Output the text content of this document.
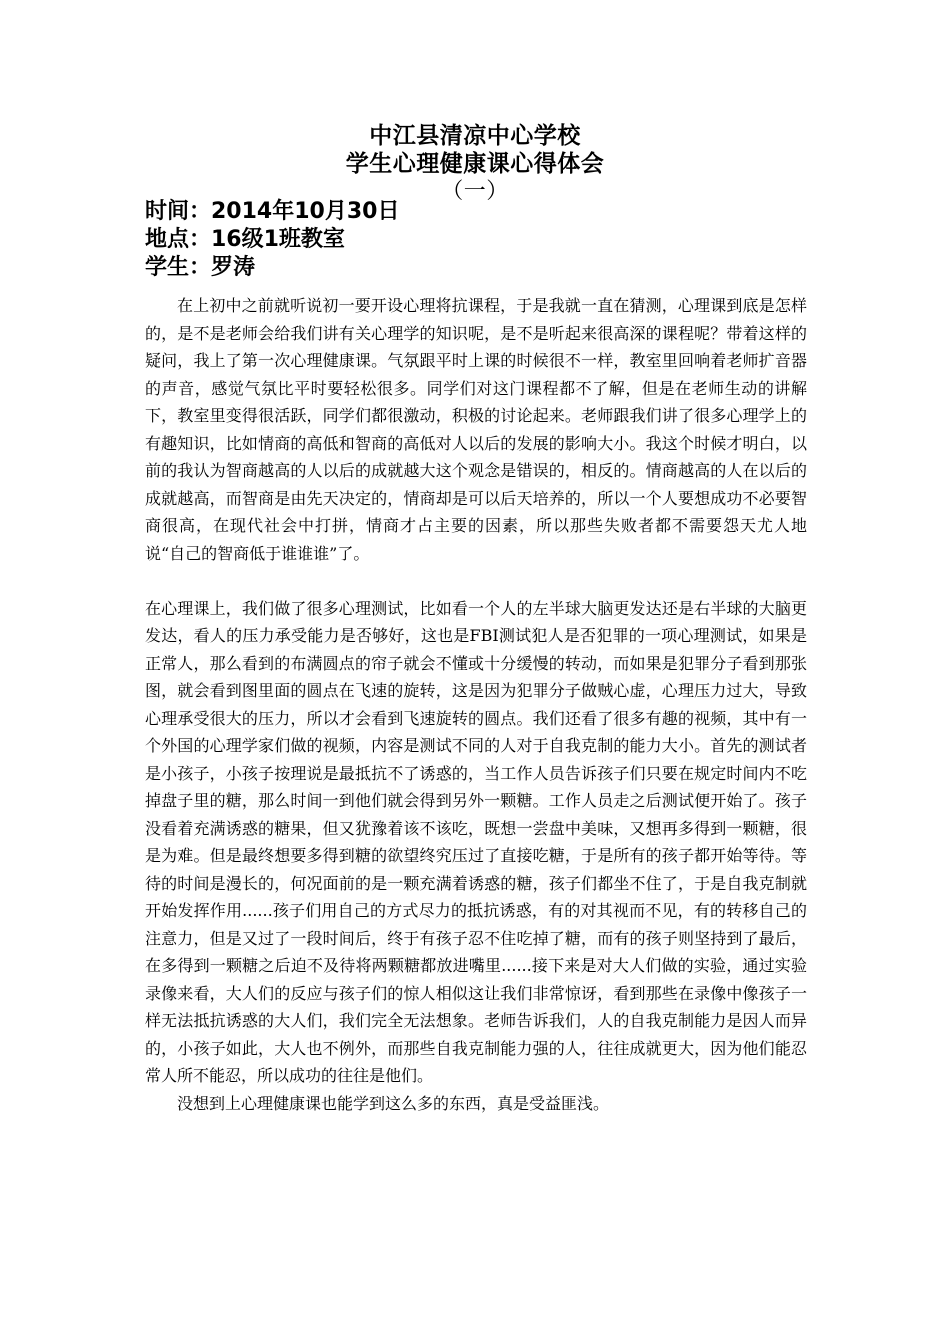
中江县清凉中心学校
学生心理健康课心得体会
（一）
时间：2014年10月30日
地点：16级1班教室
学生：罗涛

在上初中之前就听说初一要开设心理将抗课程，于是我就一直在猜测，心理课到底是怎样的，是不是老师会给我们讲有关心理学的知识呢，是不是听起来很高深的课程呢？带着这样的疑问，我上了第一次心理健康课。气氛跟平时上课的时候很不一样，教室里回响着老师扩音器的声音，感觉气氛比平时要轻松很多。同学们对这门课程都不了解，但是在老师生动的讲解下，教室里变得很活跃，同学们都很激动，积极的讨论起来。老师跟我们讲了很多心理学上的有趣知识，比如情商的高低和智商的高低对人以后的发展的影响大小。我这个时候才明白，以前的我认为智商越高的人以后的成就越大这个观念是错误的，相反的。情商越高的人在以后的成就越高，而智商是由先天决定的，情商却是可以后天培养的，所以一个人要想成功不必要智商很高，在现代社会中打拼，情商才占主要的因素，所以那些失败者都不需要怨天尤人地说“自己的智商低于谁谁谁”了。

在心理课上，我们做了很多心理测试，比如看一个人的左半球大脑更发达还是右半球的大脑更发达，看人的压力承受能力是否够好，这也是FBI测试犯人是否犯罪的一项心理测试，如果是正常人，那么看到的布满圆点的帘子就会不懂或十分缓慢的转动，而如果是犯罪分子看到那张图，就会看到图里面的圆点在飞速的旋转，这是因为犯罪分子做贼心虚，心理压力过大，导致心理承受很大的压力，所以才会看到飞速旋转的圆点。我们还看了很多有趣的视频，其中有一个外国的心理学家们做的视频，内容是测试不同的人对于自我克制的能力大小。首先的测试者是小孩子，小孩子按理说是最抵抗不了诱惑的，当工作人员告诉孩子们只要在规定时间内不吃掉盘子里的糖，那么时间一到他们就会得到另外一颗糖。工作人员走之后测试便开始了。孩子没看着充满诱惑的糖果，但又犹豫着该不该吃，既想一尝盘中美味，又想再多得到一颗糖，很是为难。但是最终想要多得到糖的欲望终究压过了直接吃糖，于是所有的孩子都开始等待。等待的时间是漫长的，何况面前的是一颗充满着诱惑的糖，孩子们都坐不住了，于是自我克制就开始发挥作用......孩子们用自己的方式尽力的抵抗诱惑，有的对其视而不见，有的转移自己的注意力，但是又过了一段时间后，终于有孩子忍不住吃掉了糖，而有的孩子则坚持到了最后，在多得到一颗糖之后迫不及待将两颗糖都放进嘴里......接下来是对大人们做的实验，通过实验录像来看，大人们的反应与孩子们的惊人相似这让我们非常惊讶，看到那些在录像中像孩子一样无法抵抗诱惑的大人们，我们完全无法想象。老师告诉我们，人的自我克制能力是因人而异的，小孩子如此，大人也不例外，而那些自我克制能力强的人，往往成就更大，因为他们能忍常人所不能忍，所以成功的往往是他们。

没想到上心理健康课也能学到这么多的东西，真是受益匪浅。
